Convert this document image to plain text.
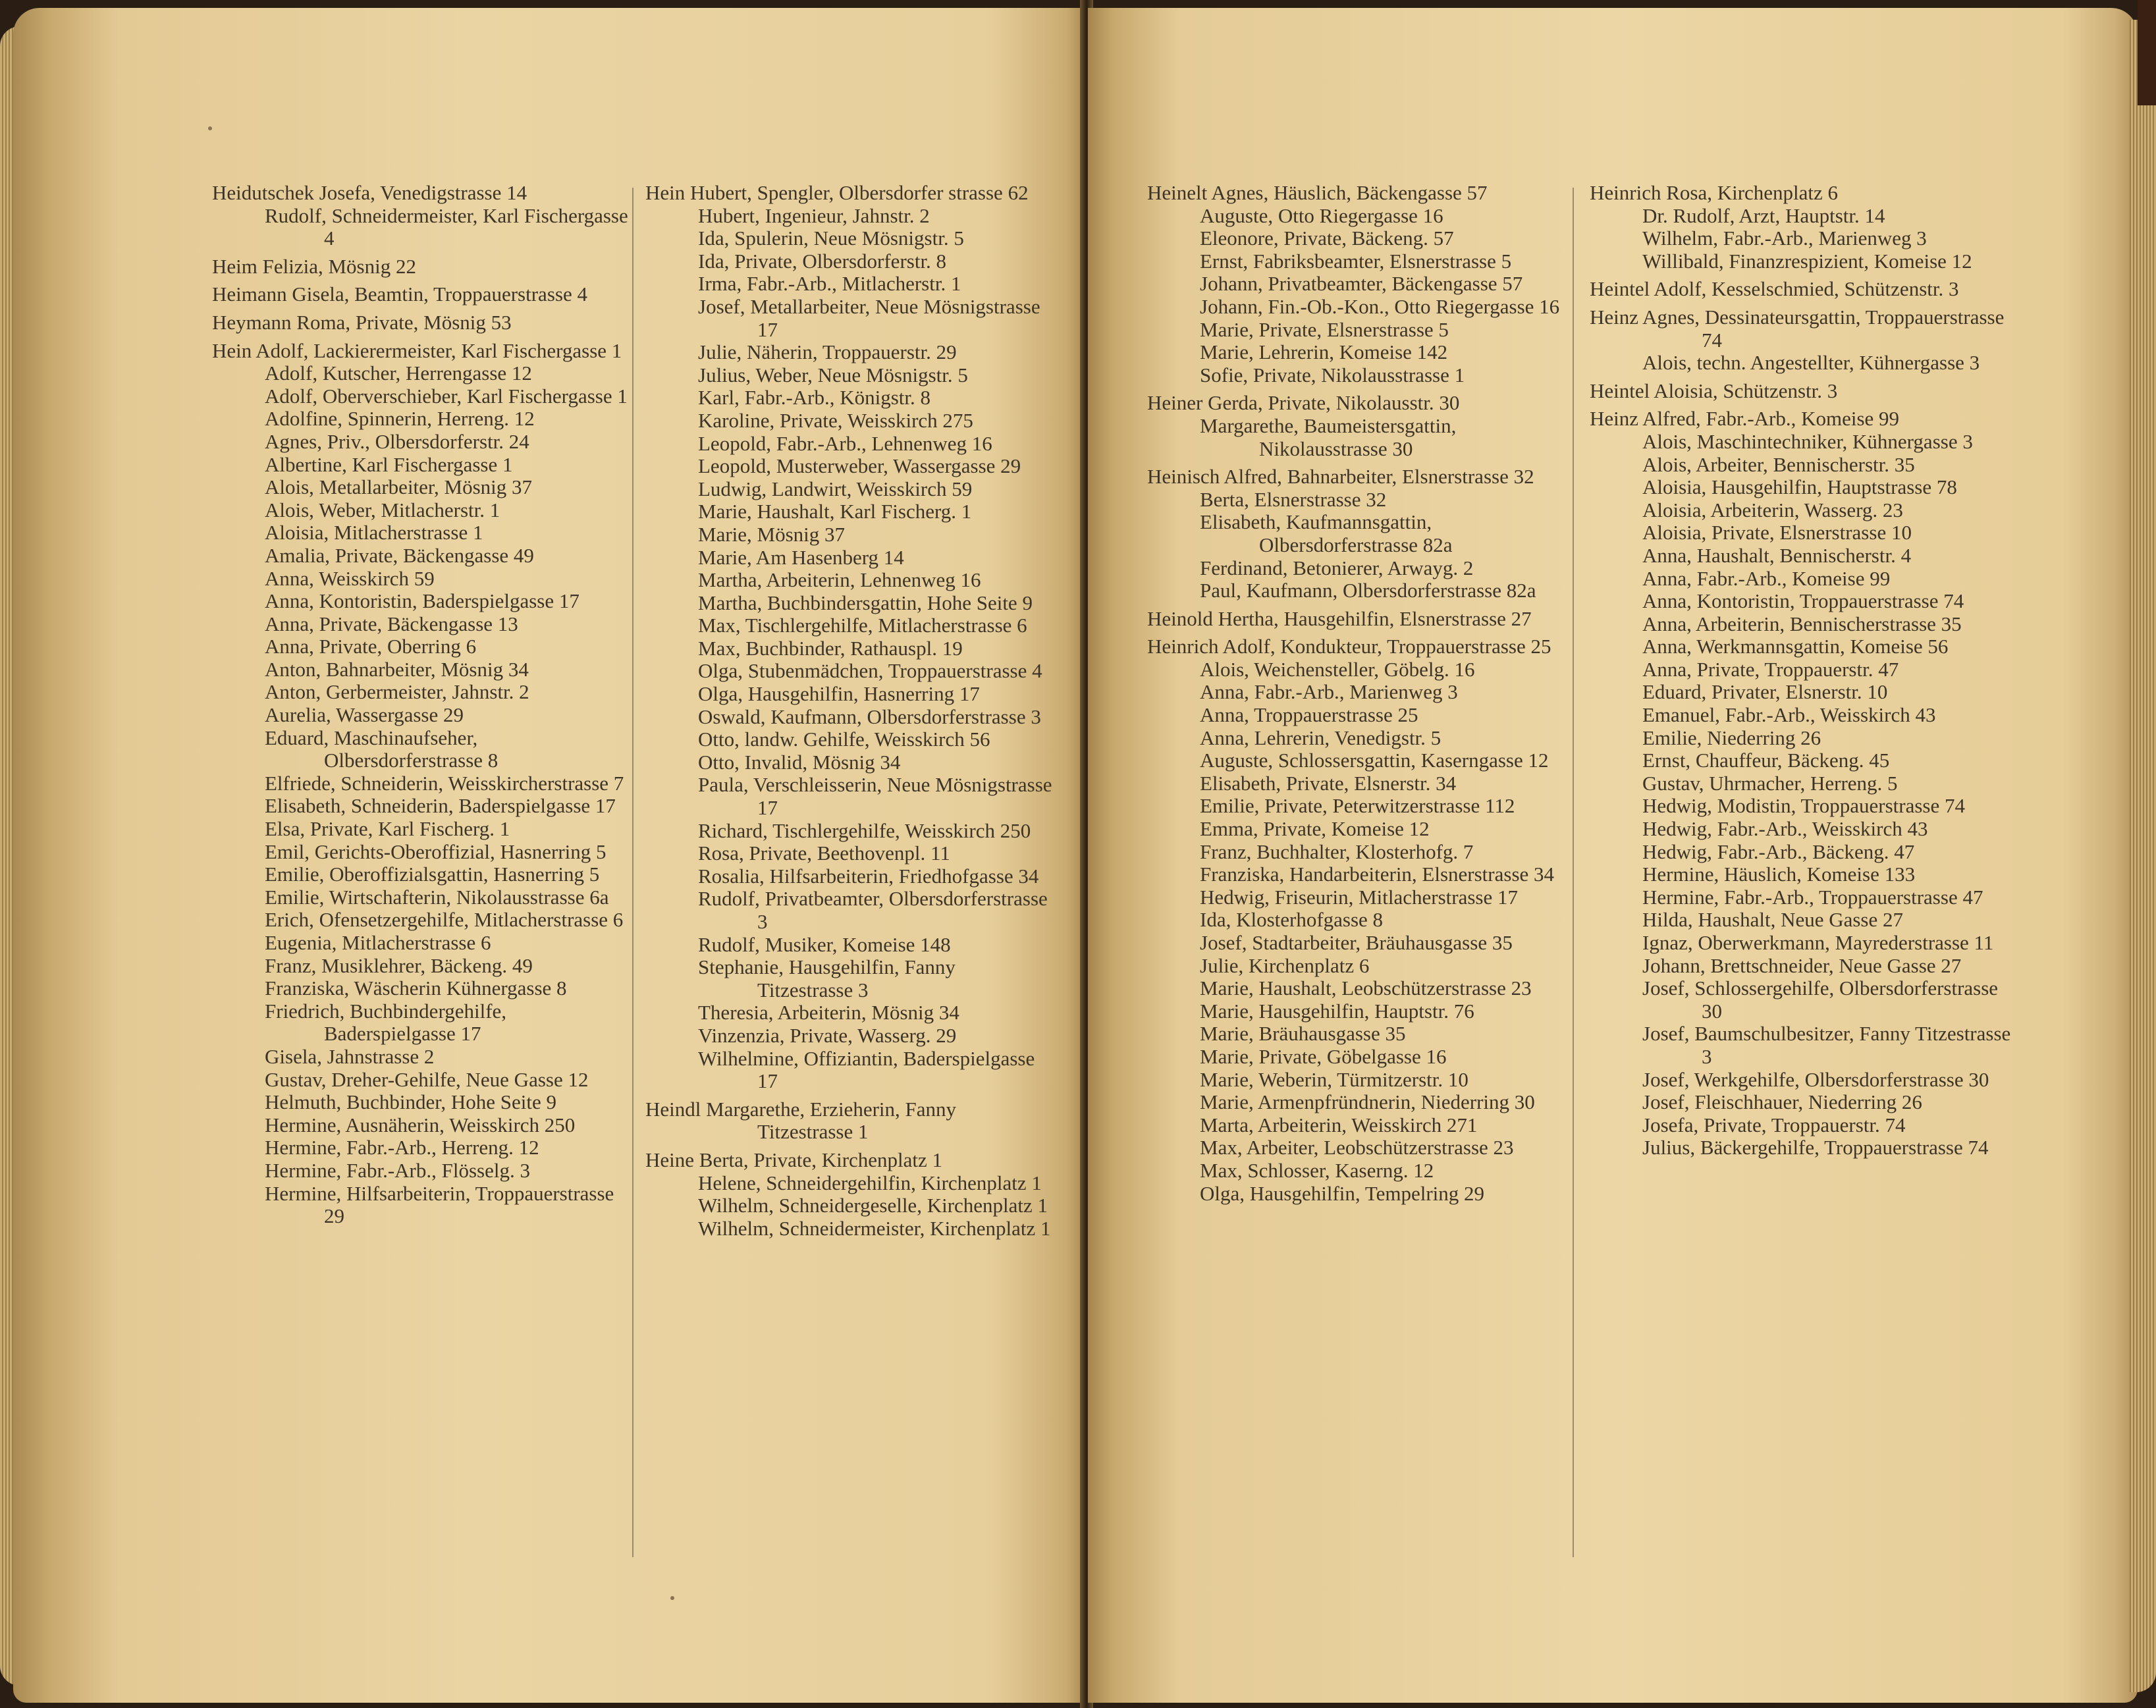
Heidutschek Josefa, Venedigstrasse 14
Rudolf, Schneidermeister, Karl Fischergasse 4
Heim Felizia, Mösnig 22
Heimann Gisela, Beamtin, Troppauerstrasse 4
Heymann Roma, Private, Mösnig 53
Hein Adolf, Lackierermeister, Karl Fischergasse 1
Adolf, Kutscher, Herrengasse 12
Adolf, Oberverschieber, Karl Fischergasse 1
Adolfine, Spinnerin, Herreng. 12
Agnes, Priv., Olbersdorferstr. 24
Albertine, Karl Fischergasse 1
Alois, Metallarbeiter, Mösnig 37
Alois, Weber, Mitlacherstr. 1
Aloisia, Mitlacherstrasse 1
Amalia, Private, Bäckengasse 49
Anna, Weisskirch 59
Anna, Kontoristin, Baderspielgasse 17
Anna, Private, Bäckengasse 13
Anna, Private, Oberring 6
Anton, Bahnarbeiter, Mösnig 34
Anton, Gerbermeister, Jahnstr. 2
Aurelia, Wassergasse 29
Eduard, Maschinaufseher, Olbersdorferstrasse 8
Elfriede, Schneiderin, Weisskircherstrasse 7
Elisabeth, Schneiderin, Baderspielgasse 17
Elsa, Private, Karl Fischerg. 1
Emil, Gerichts-Oberoffizial, Hasnerring 5
Emilie, Oberoffizialsgattin, Hasnerring 5
Emilie, Wirtschafterin, Nikolausstrasse 6a
Erich, Ofensetzergehilfe, Mitlacherstrasse 6
Eugenia, Mitlacherstrasse 6
Franz, Musiklehrer, Bäckeng. 49
Franziska, Wäscherin Kühnergasse 8
Friedrich, Buchbindergehilfe, Baderspielgasse 17
Gisela, Jahnstrasse 2
Gustav, Dreher-Gehilfe, Neue Gasse 12
Helmuth, Buchbinder, Hohe Seite 9
Hermine, Ausnäherin, Weisskirch 250
Hermine, Fabr.-Arb., Herreng. 12
Hermine, Fabr.-Arb., Flösselg. 3
Hermine, Hilfsarbeiterin, Troppauerstrasse 29
Hein Hubert, Spengler, Olbersdorfer strasse 62
Hubert, Ingenieur, Jahnstr. 2
Ida, Spulerin, Neue Mösnigstr. 5
Ida, Private, Olbersdorferstr. 8
Irma, Fabr.-Arb., Mitlacherstr. 1
Josef, Metallarbeiter, Neue Mösnigstrasse 17
Julie, Näherin, Troppauerstr. 29
Julius, Weber, Neue Mösnigstr. 5
Karl, Fabr.-Arb., Königstr. 8
Karoline, Private, Weisskirch 275
Leopold, Fabr.-Arb., Lehnenweg 16
Leopold, Musterweber, Wassergasse 29
Ludwig, Landwirt, Weisskirch 59
Marie, Haushalt, Karl Fischerg. 1
Marie, Mösnig 37
Marie, Am Hasenberg 14
Martha, Arbeiterin, Lehnenweg 16
Martha, Buchbindersgattin, Hohe Seite 9
Max, Tischlergehilfe, Mitlacherstrasse 6
Max, Buchbinder, Rathauspl. 19
Olga, Stubenmädchen, Troppauerstrasse 4
Olga, Hausgehilfin, Hasnerring 17
Oswald, Kaufmann, Olbersdorferstrasse 3
Otto, landw. Gehilfe, Weisskirch 56
Otto, Invalid, Mösnig 34
Paula, Verschleisserin, Neue Mösnigstrasse 17
Richard, Tischlergehilfe, Weisskirch 250
Rosa, Private, Beethovenpl. 11
Rosalia, Hilfsarbeiterin, Friedhofgasse 34
Rudolf, Privatbeamter, Olbersdorferstrasse 3
Rudolf, Musiker, Komeise 148
Stephanie, Hausgehilfin, Fanny Titzestrasse 3
Theresia, Arbeiterin, Mösnig 34
Vinzenzia, Private, Wasserg. 29
Wilhelmine, Offiziantin, Baderspielgasse 17
Heindl Margarethe, Erzieherin, Fanny Titzestrasse 1
Heine Berta, Private, Kirchenplatz 1
Helene, Schneidergehilfin, Kirchenplatz 1
Wilhelm, Schneidergeselle, Kirchenplatz 1
Wilhelm, Schneidermeister, Kirchenplatz 1
Heinelt Agnes, Häuslich, Bäckengasse 57
Auguste, Otto Riegergasse 16
Eleonore, Private, Bäckeng. 57
Ernst, Fabriksbeamter, Elsnerstrasse 5
Johann, Privatbeamter, Bäckengasse 57
Johann, Fin.-Ob.-Kon., Otto Riegergasse 16
Marie, Private, Elsnerstrasse 5
Marie, Lehrerin, Komeise 142
Sofie, Private, Nikolausstrasse 1
Heiner Gerda, Private, Nikolausstr. 30
Margarethe, Baumeistersgattin, Nikolausstrasse 30
Heinisch Alfred, Bahnarbeiter, Elsnerstrasse 32
Berta, Elsnerstrasse 32
Elisabeth, Kaufmannsgattin, Olbersdorferstrasse 82a
Ferdinand, Betonierer, Arwayg. 2
Paul, Kaufmann, Olbersdorferstrasse 82a
Heinold Hertha, Hausgehilfin, Elsnerstrasse 27
Heinrich Adolf, Kondukteur, Troppauerstrasse 25
Alois, Weichensteller, Göbelg. 16
Anna, Fabr.-Arb., Marienweg 3
Anna, Troppauerstrasse 25
Anna, Lehrerin, Venedigstr. 5
Auguste, Schlossersgattin, Kaserngasse 12
Elisabeth, Private, Elsnerstr. 34
Emilie, Private, Peterwitzerstrasse 112
Emma, Private, Komeise 12
Franz, Buchhalter, Klosterhofg. 7
Franziska, Handarbeiterin, Elsnerstrasse 34
Hedwig, Friseurin, Mitlacherstrasse 17
Ida, Klosterhofgasse 8
Josef, Stadtarbeiter, Bräuhausgasse 35
Julie, Kirchenplatz 6
Marie, Haushalt, Leobschützerstrasse 23
Marie, Hausgehilfin, Hauptstr. 76
Marie, Bräuhausgasse 35
Marie, Private, Göbelgasse 16
Marie, Weberin, Türmitzerstr. 10
Marie, Armenpfründnerin, Niederring 30
Marta, Arbeiterin, Weisskirch 271
Max, Arbeiter, Leobschützerstrasse 23
Max, Schlosser, Kaserng. 12
Olga, Hausgehilfin, Tempelring 29
Heinrich Rosa, Kirchenplatz 6
Dr. Rudolf, Arzt, Hauptstr. 14
Wilhelm, Fabr.-Arb., Marienweg 3
Willibald, Finanzrespizient, Komeise 12
Heintel Adolf, Kesselschmied, Schützenstr. 3
Heinz Agnes, Dessinateursgattin, Troppauerstrasse 74
Alois, techn. Angestellter, Kühnergasse 3
Heintel Aloisia, Schützenstr. 3
Heinz Alfred, Fabr.-Arb., Komeise 99
Alois, Maschintechniker, Kühnergasse 3
Alois, Arbeiter, Bennischerstr. 35
Aloisia, Hausgehilfin, Hauptstrasse 78
Aloisia, Arbeiterin, Wasserg. 23
Aloisia, Private, Elsnerstrasse 10
Anna, Haushalt, Bennischerstr. 4
Anna, Fabr.-Arb., Komeise 99
Anna, Kontoristin, Troppauerstrasse 74
Anna, Arbeiterin, Bennischerstrasse 35
Anna, Werkmannsgattin, Komeise 56
Anna, Private, Troppauerstr. 47
Eduard, Privater, Elsnerstr. 10
Emanuel, Fabr.-Arb., Weisskirch 43
Emilie, Niederring 26
Ernst, Chauffeur, Bäckeng. 45
Gustav, Uhrmacher, Herreng. 5
Hedwig, Modistin, Troppauerstrasse 74
Hedwig, Fabr.-Arb., Weisskirch 43
Hedwig, Fabr.-Arb., Bäckeng. 47
Hermine, Häuslich, Komeise 133
Hermine, Fabr.-Arb., Troppauerstrasse 47
Hilda, Haushalt, Neue Gasse 27
Ignaz, Oberwerkmann, Mayrederstrasse 11
Johann, Brettschneider, Neue Gasse 27
Josef, Schlossergehilfe, Olbersdorferstrasse 30
Josef, Baumschulbesitzer, Fanny Titzestrasse 3
Josef, Werkgehilfe, Olbersdorferstrasse 30
Josef, Fleischhauer, Niederring 26
Josefa, Private, Troppauerstr. 74
Julius, Bäckergehilfe, Troppauerstrasse 74
